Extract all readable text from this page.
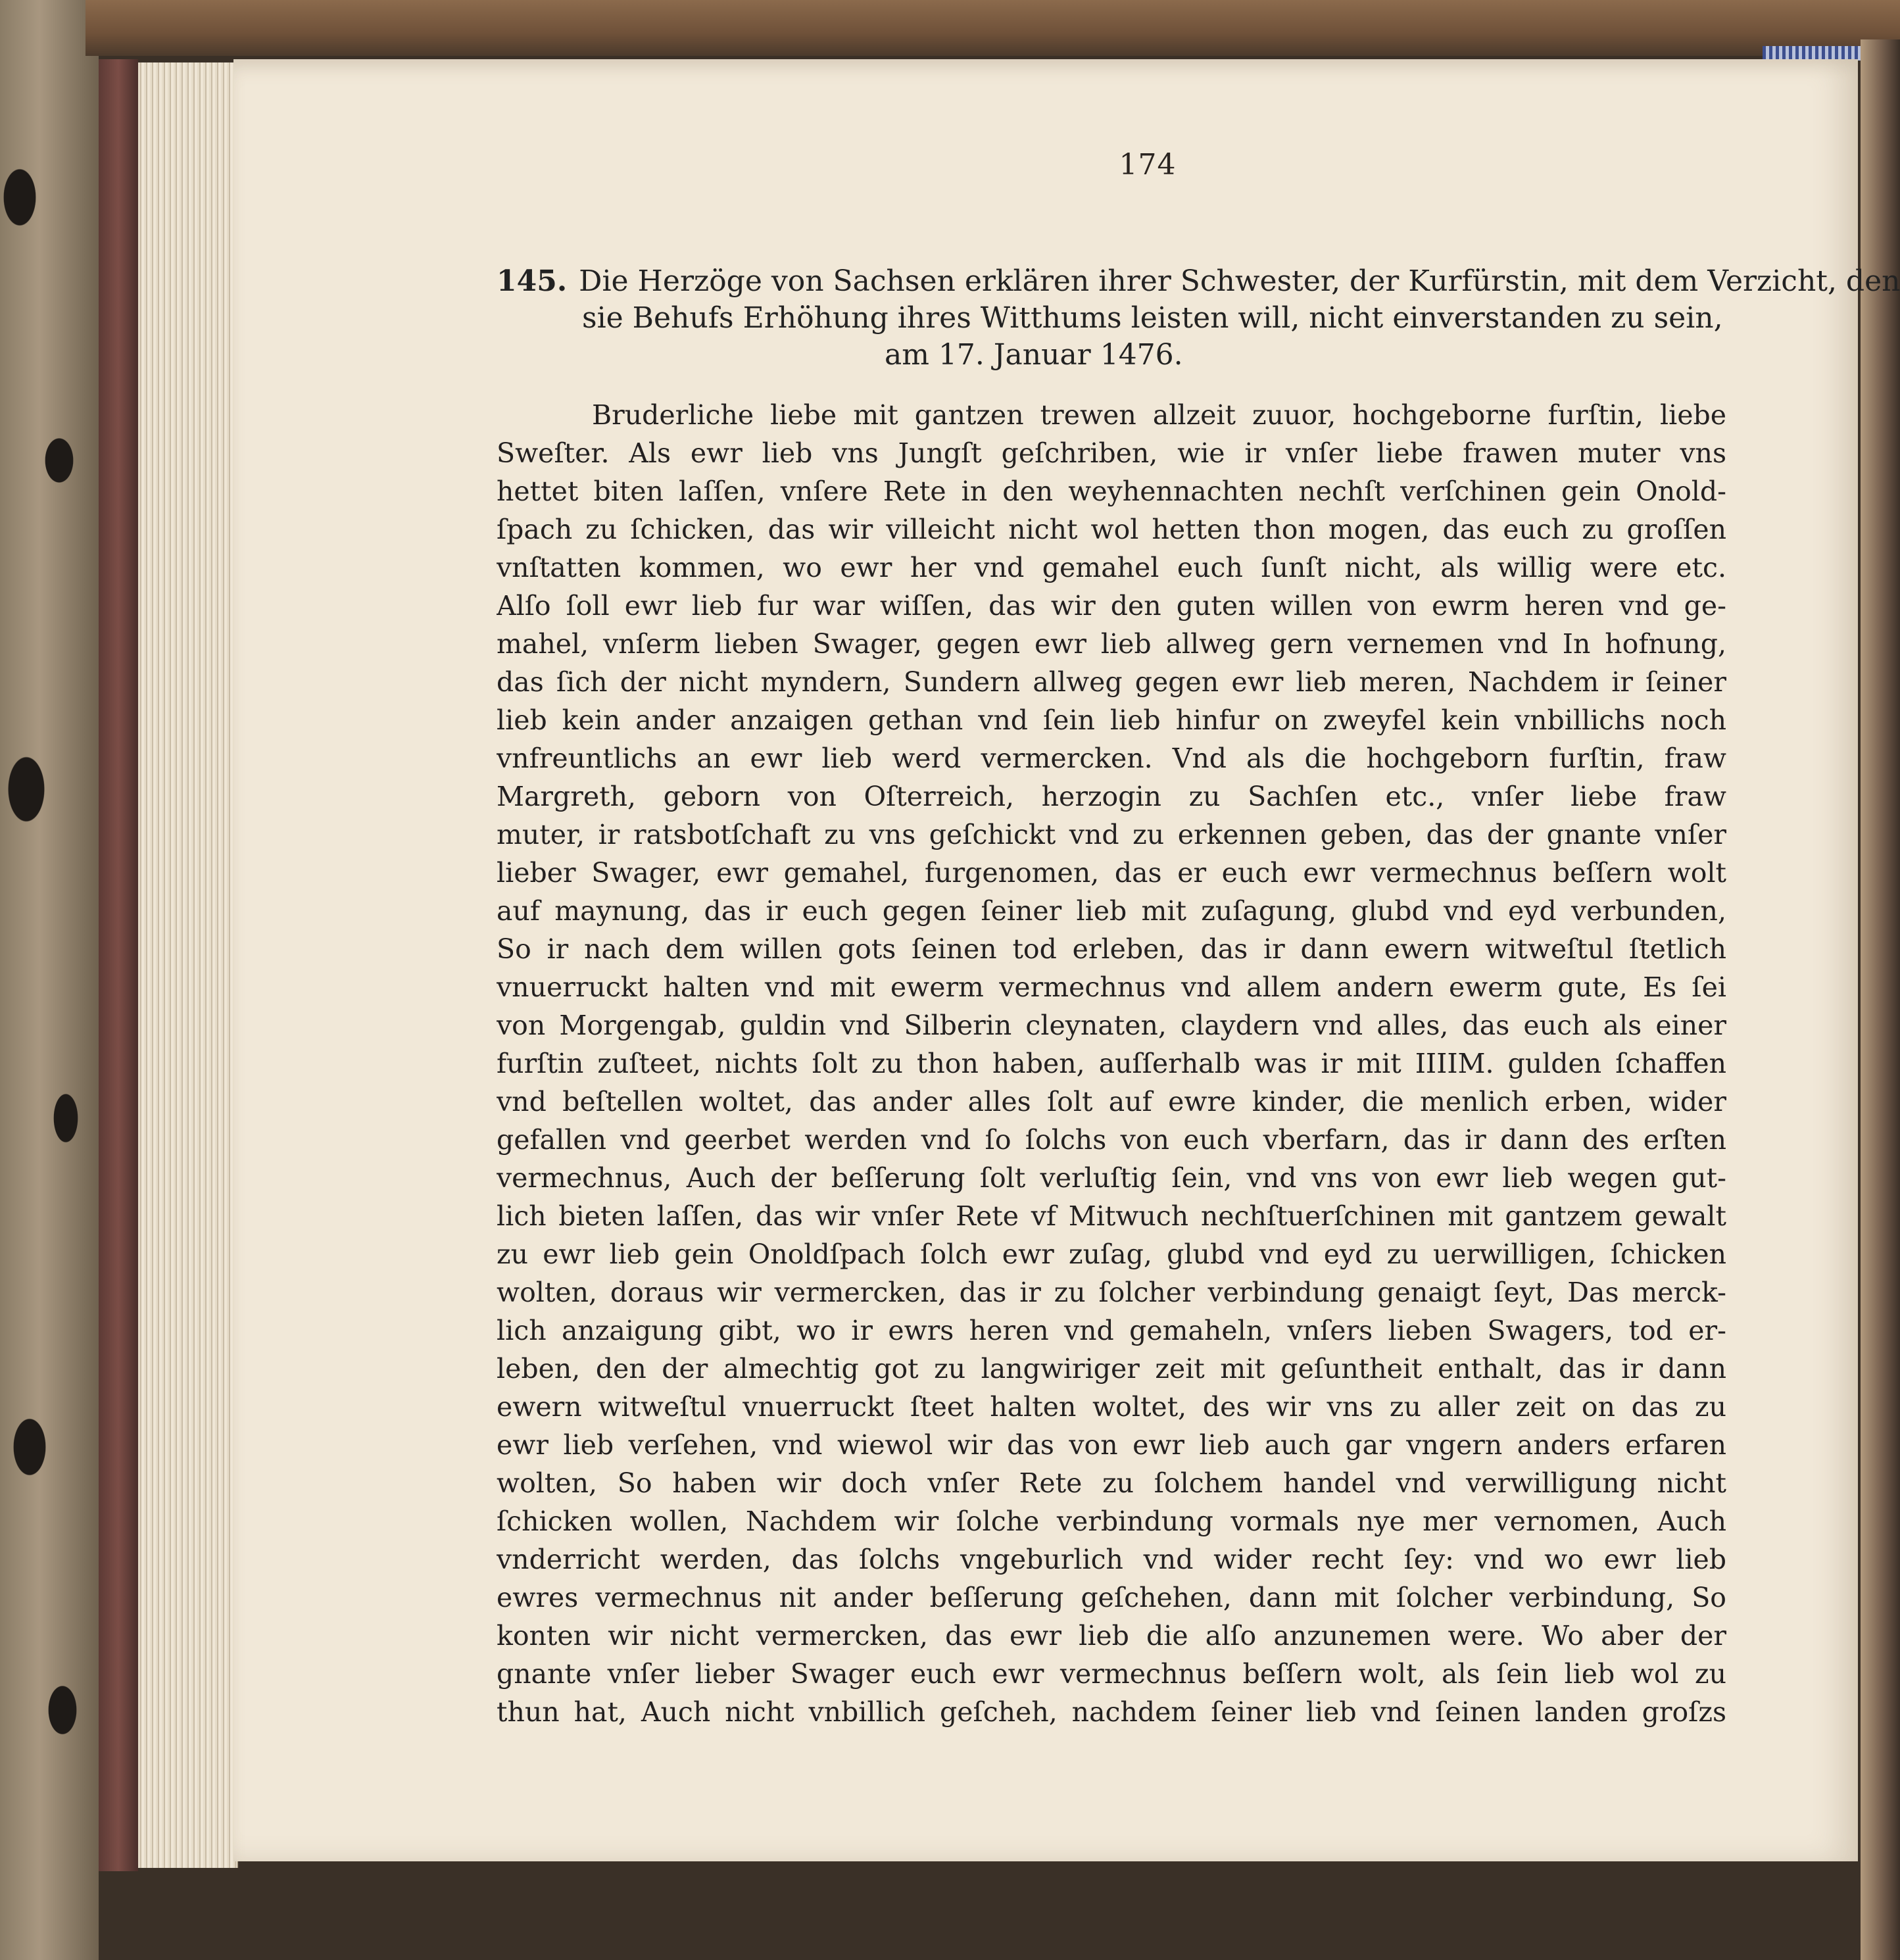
174
145. Die Herzöge von Sachsen erklären ihrer Schwester, der Kurfürstin, mit dem Verzicht, den
sie Behufs Erhöhung ihres Witthums leisten will, nicht einverstanden zu sein,
am 17. Januar 1476.
Bruderliche liebe mit gantzen trewen allzeit zuuor, hochgeborne furſtin, liebe
Sweſter. Als ewr lieb vns Jungſt geſchriben, wie ir vnſer liebe frawen muter vns
hettet biten laſſen, vnſere Rete in den weyhennachten nechſt verſchinen gein Onold-
ſpach zu ſchicken, das wir villeicht nicht wol hetten thon mogen, das euch zu groſſen
vnſtatten kommen, wo ewr her vnd gemahel euch ſunſt nicht, als willig were etc.
Alſo ſoll ewr lieb fur war wiſſen, das wir den guten willen von ewrm heren vnd ge-
mahel, vnſerm lieben Swager, gegen ewr lieb allweg gern vernemen vnd In hofnung,
das ſich der nicht myndern, Sundern allweg gegen ewr lieb meren, Nachdem ir ſeiner
lieb kein ander anzaigen gethan vnd ſein lieb hinfur on zweyfel kein vnbillichs noch
vnfreuntlichs an ewr lieb werd vermercken. Vnd als die hochgeborn furſtin, fraw
Margreth, geborn von Oſterreich, herzogin zu Sachſen etc., vnſer liebe fraw
muter, ir ratsbotſchaft zu vns geſchickt vnd zu erkennen geben, das der gnante vnſer
lieber Swager, ewr gemahel, furgenomen, das er euch ewr vermechnus beſſern wolt
auf maynung, das ir euch gegen ſeiner lieb mit zuſagung, glubd vnd eyd verbunden,
So ir nach dem willen gots ſeinen tod erleben, das ir dann ewern witweſtul ſtetlich
vnuerruckt halten vnd mit ewerm vermechnus vnd allem andern ewerm gute, Es ſei
von Morgengab, guldin vnd Silberin cleynaten, claydern vnd alles, das euch als einer
furſtin zuſteet, nichts ſolt zu thon haben, auſſerhalb was ir mit IIIIM. gulden ſchaffen
vnd beſtellen woltet, das ander alles ſolt auf ewre kinder, die menlich erben, wider
gefallen vnd geerbet werden vnd ſo ſolchs von euch vberfarn, das ir dann des erſten
vermechnus, Auch der beſſerung ſolt verluſtig ſein, vnd vns von ewr lieb wegen gut-
lich bieten laſſen, das wir vnſer Rete vf Mitwuch nechſtuerſchinen mit gantzem gewalt
zu ewr lieb gein Onoldſpach ſolch ewr zuſag, glubd vnd eyd zu uerwilligen, ſchicken
wolten, doraus wir vermercken, das ir zu ſolcher verbindung genaigt ſeyt, Das merck-
lich anzaigung gibt, wo ir ewrs heren vnd gemaheln, vnſers lieben Swagers, tod er-
leben, den der almechtig got zu langwiriger zeit mit geſuntheit enthalt, das ir dann
ewern witweſtul vnuerruckt ſteet halten woltet, des wir vns zu aller zeit on das zu
ewr lieb verſehen, vnd wiewol wir das von ewr lieb auch gar vngern anders erfaren
wolten, So haben wir doch vnſer Rete zu ſolchem handel vnd verwilligung nicht
ſchicken wollen, Nachdem wir ſolche verbindung vormals nye mer vernomen, Auch
vnderricht werden, das ſolchs vngeburlich vnd wider recht ſey: vnd wo ewr lieb
ewres vermechnus nit ander beſſerung geſchehen, dann mit ſolcher verbindung, So
konten wir nicht vermercken, das ewr lieb die alſo anzunemen were. Wo aber der
gnante vnſer lieber Swager euch ewr vermechnus beſſern wolt, als ſein lieb wol zu
thun hat, Auch nicht vnbillich geſcheh, nachdem ſeiner lieb vnd ſeinen landen groſzs
